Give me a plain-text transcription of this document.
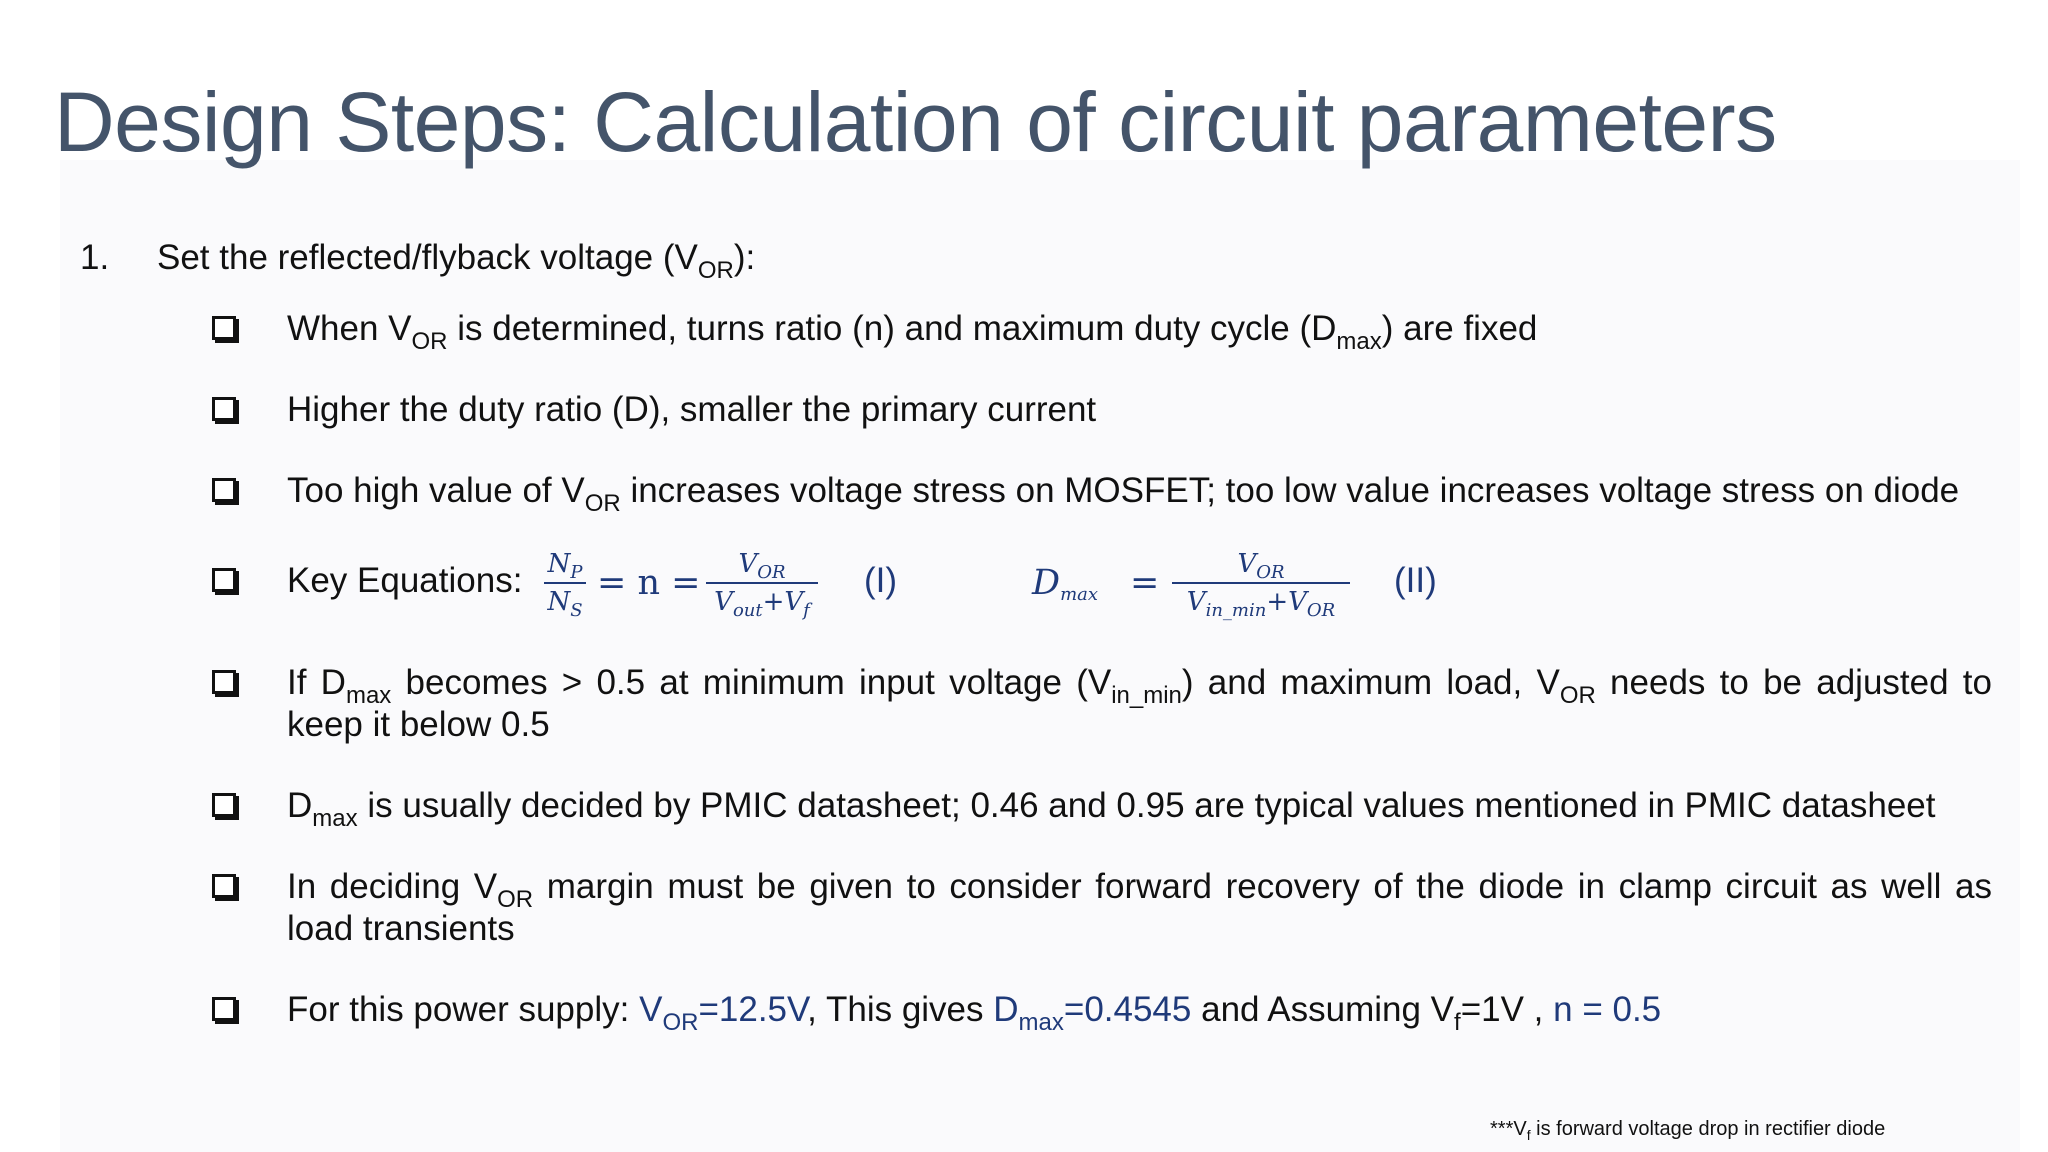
Design Steps: Calculation of circuit parameters
1. Set the reflected/flyback voltage $(V_{OR})$:
When $V_{OR}$ is determined, turns ratio (n) and maximum duty cycle $(D_{max})$ are fixed
Higher the duty ratio (D), smaller the primary current
Too high value of $V_{OR}$ increases voltage stress on MOSFET; too low value increases voltage stress on diode
Key Equations: $N_P$
$N_S$
= n =	$V_{OR}$
$V_{out}+V_f$
(I)	$D_{max}$ =	$V_{OR}$
$V_{in\_min}+V_{OR}$
(II)
If $D_{max}$ becomes > 0.5 at minimum input voltage $(V_{in\_min})$ and maximum load, $V_{OR}$ needs to be adjusted to keep it below 0.5
$D_{max}$ is usually decided by PMIC datasheet; 0.46 and 0.95 are typical values mentioned in PMIC datasheet
In deciding $V_{OR}$ margin must be given to consider forward recovery of the diode in clamp circuit as well as load transients
For this power supply: $V_{OR}=12.5V$, This gives $D_{max}=0.4545$ and Assuming $V_f=1V$ , n = 0.5
$***V_f$ is forward voltage drop in rectifier diode
